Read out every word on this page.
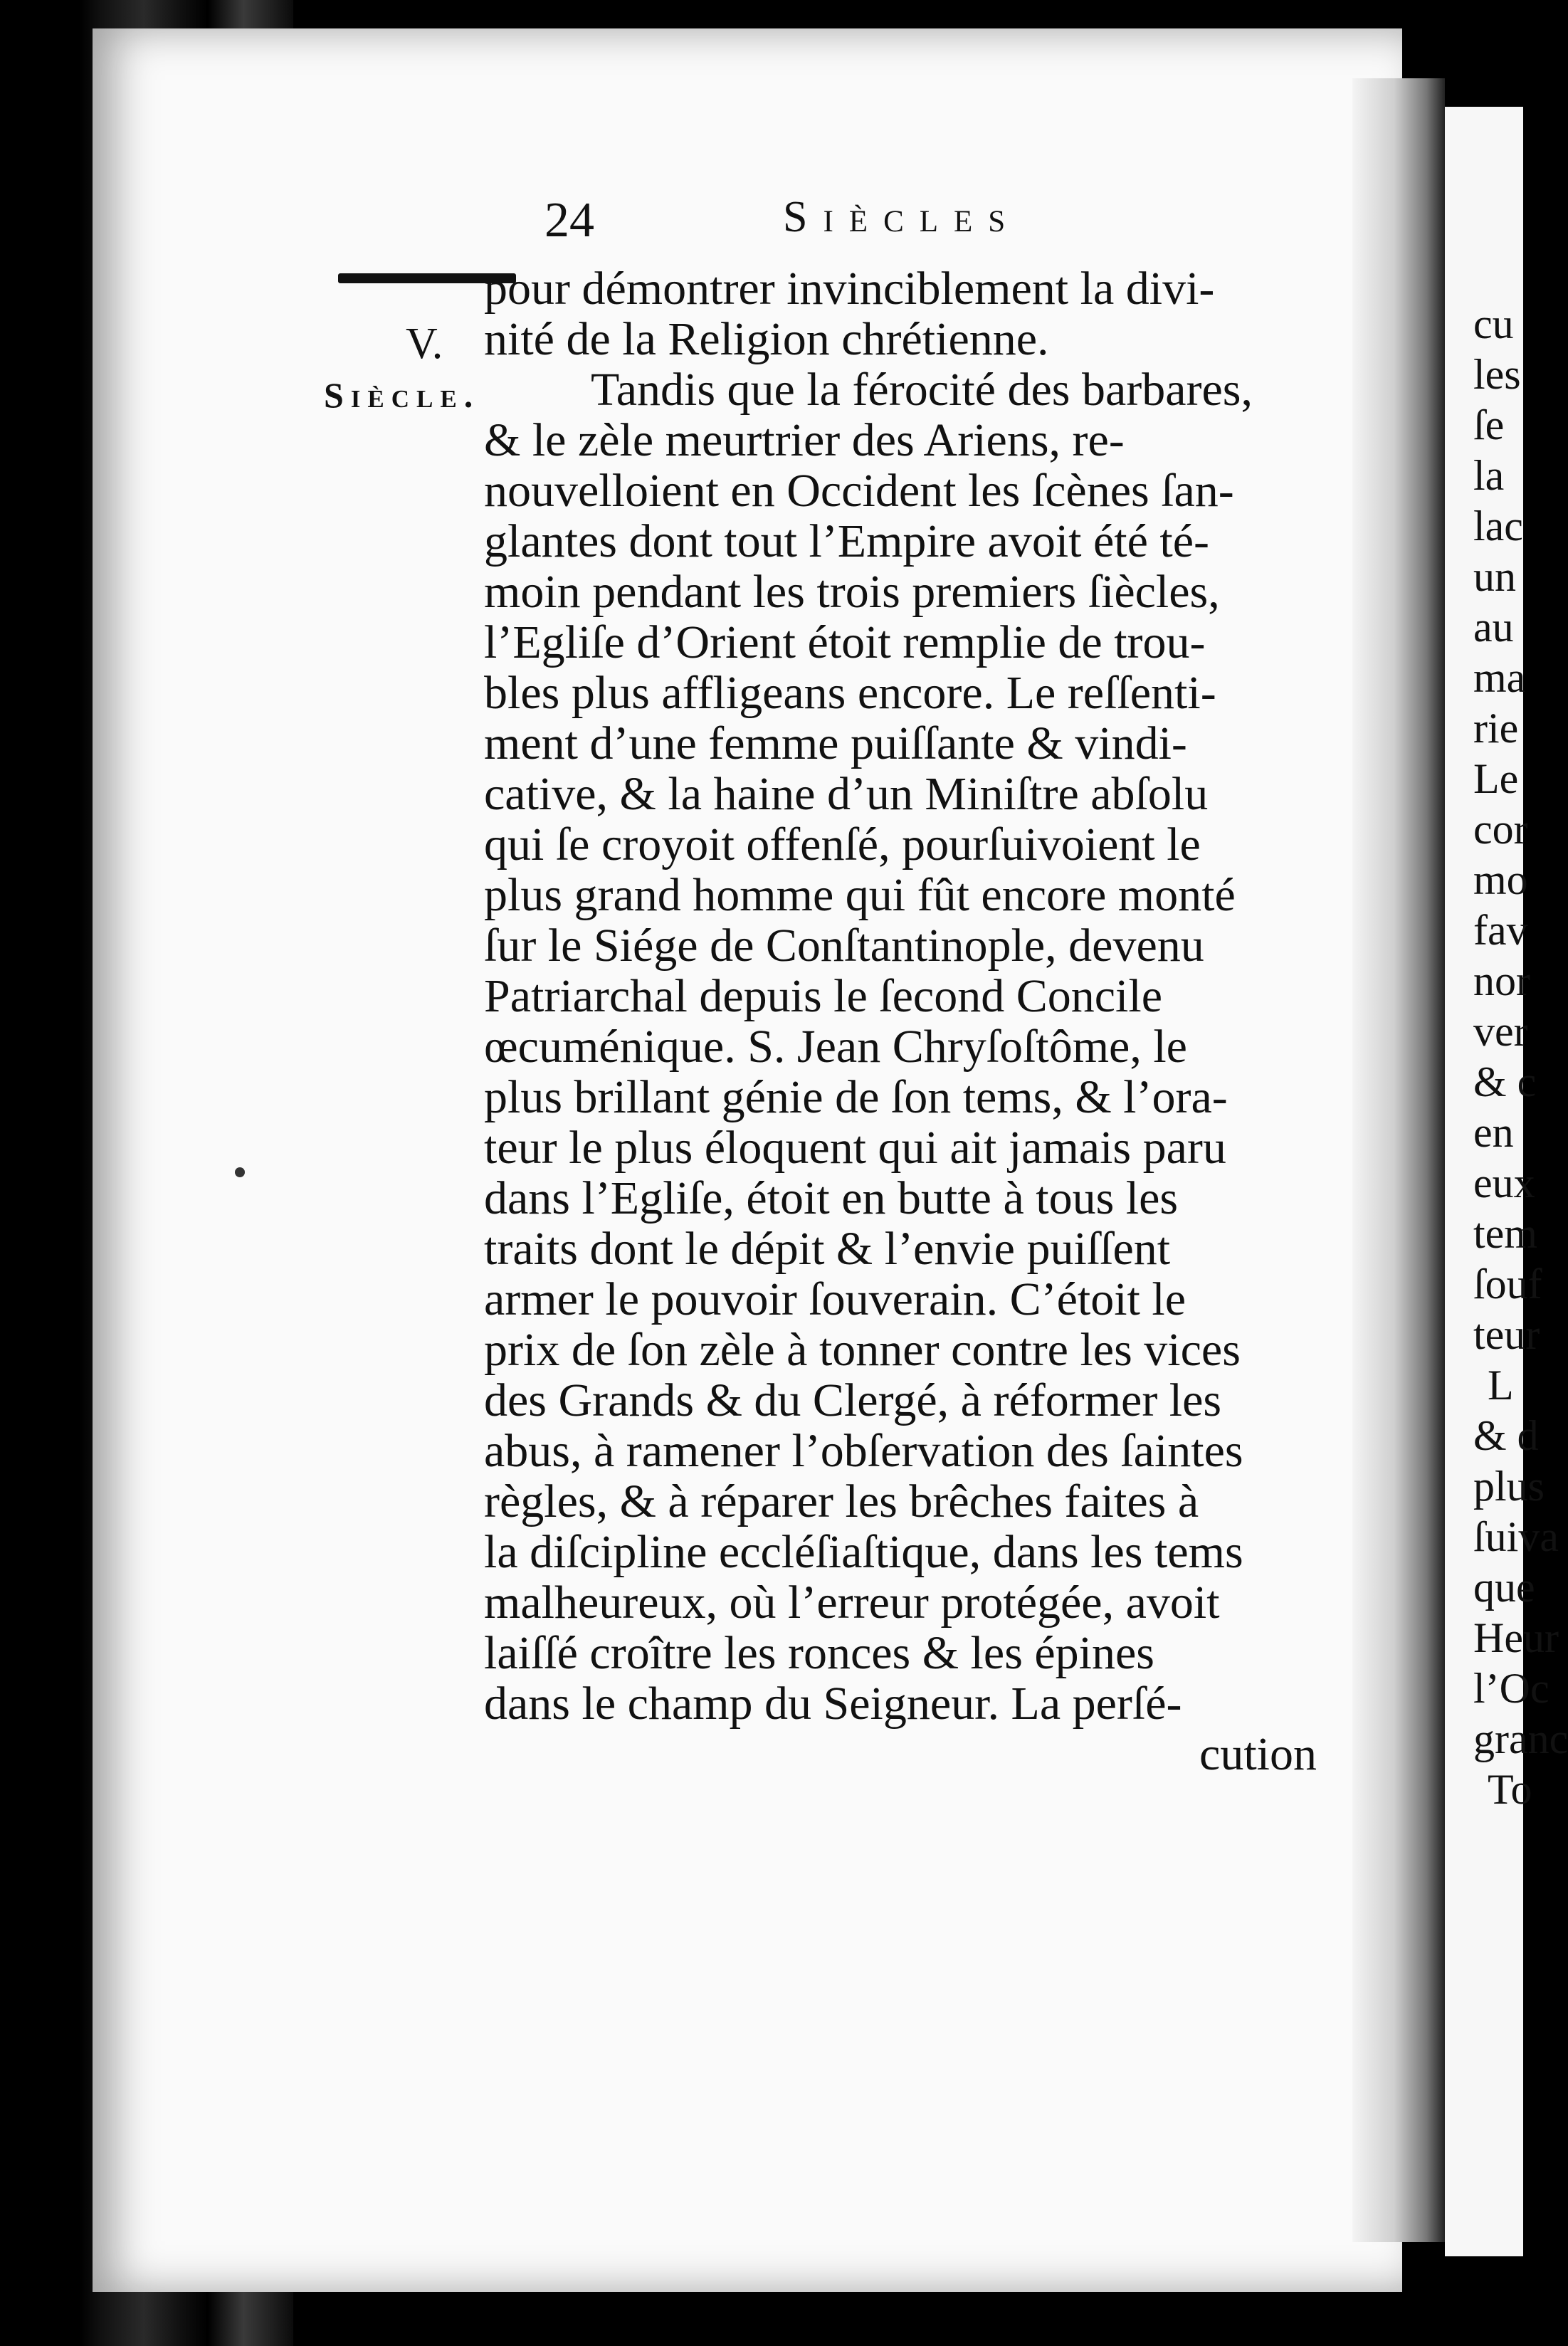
cu
les
ſe
la
lac
un
au
ma
rie
Le
cor
mo
fav
nor
ver
& c
en
eux
tem
ſouf
teur
L
& d
plus
ſuiva
que
Heur
l’Oc
granc
To
24	Siècles
V.
Siècle.
pour démontrer invinciblement la divi-
nité de la Religion chrétienne.
Tandis que la férocité des barbares,
& le zèle meurtrier des Ariens, re-
nouvelloient en Occident les ſcènes ſan-
glantes dont tout l’Empire avoit été té-
moin pendant les trois premiers ſiècles,
l’Egliſe d’Orient étoit remplie de trou-
bles plus affligeans encore. Le reſſenti-
ment d’une femme puiſſante & vindi-
cative, & la haine d’un Miniſtre abſolu
qui ſe croyoit offenſé, pourſuivoient le
plus grand homme qui fût encore monté
ſur le Siége de Conſtantinople, devenu
Patriarchal depuis le ſecond Concile
œcuménique. S. Jean Chryſoſtôme, le
plus brillant génie de ſon tems, & l’ora-
teur le plus éloquent qui ait jamais paru
dans l’Egliſe, étoit en butte à tous les
traits dont le dépit & l’envie puiſſent
armer le pouvoir ſouverain. C’étoit le
prix de ſon zèle à tonner contre les vices
des Grands & du Clergé, à réformer les
abus, à ramener l’obſervation des ſaintes
règles, & à réparer les brêches faites à
la diſcipline eccléſiaſtique, dans les tems
malheureux, où l’erreur protégée, avoit
laiſſé croître les ronces & les épines
dans le champ du Seigneur. La perſé-
cution
